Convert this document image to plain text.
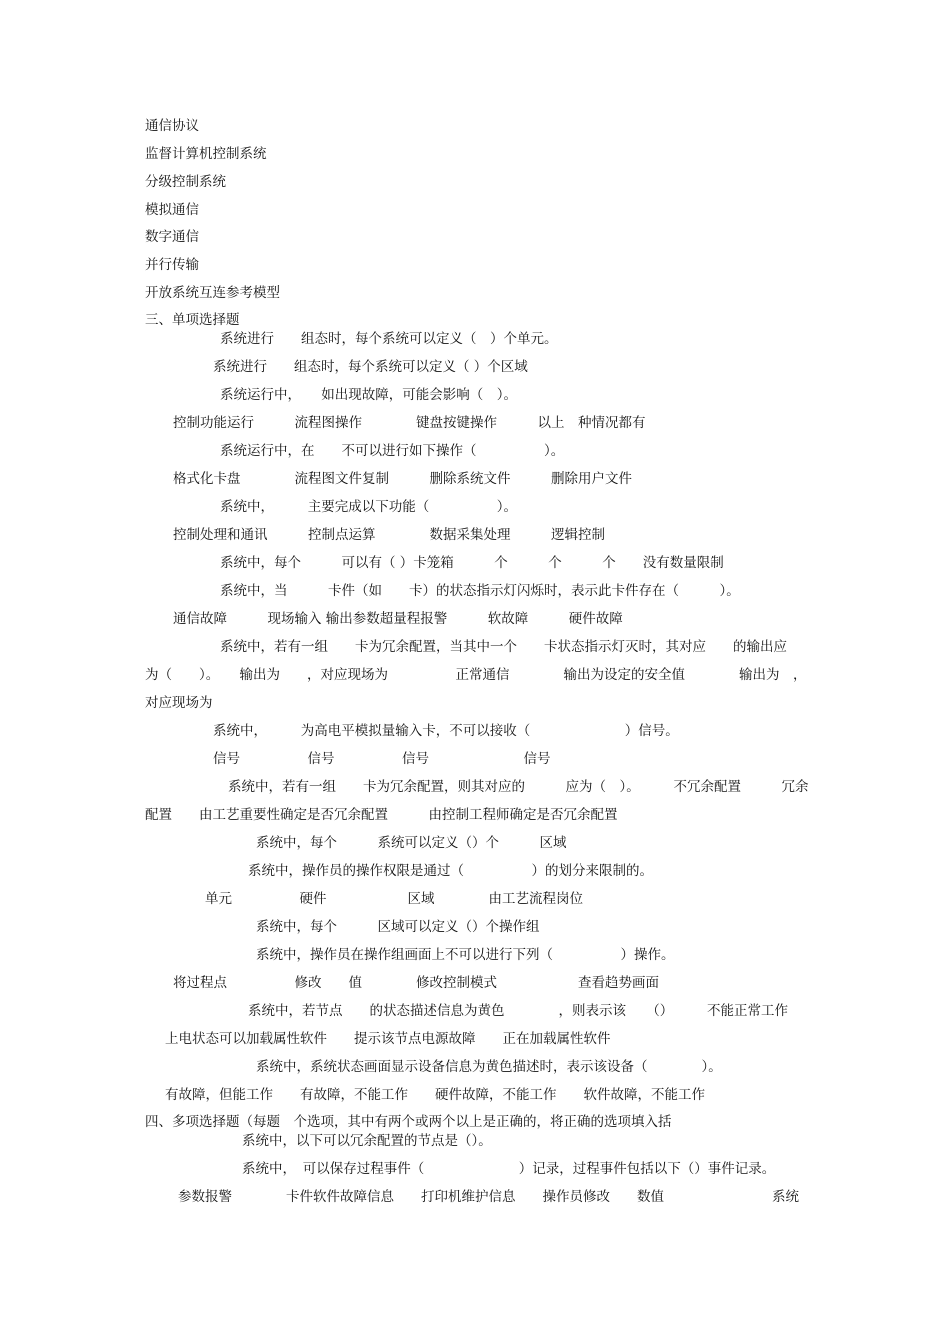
通信协议

监督计算机控制系统

分级控制系统

模拟通信

数字通信

并行传输

开放系统互连参考模型

三、单项选择题

系统进行　　组态时，每个系统可以定义（　）个单元。

系统进行　　组态时，每个系统可以定义（ ）个区域

系统运行中，　　如出现故障，可能会影响（　）。

控制功能运行　　　流程图操作　　　　键盘按键操作　　　以上　种情况都有

系统运行中，在　　不可以进行如下操作（　　　　　）。

格式化卡盘　　　　流程图文件复制　　　删除系统文件　　　删除用户文件

系统中，　　　主要完成以下功能（　　　　　）。

控制处理和通讯　　　控制点运算　　　　数据采集处理　　　逻辑控制

系统中，每个　　　可以有（ ）卡笼箱　　　个　　　个　　　个　　没有数量限制

系统中，当　　　卡件（如　　卡）的状态指示灯闪烁时，表示此卡件存在（　　　）。

通信故障　　　现场输入 输出参数超量程报警　　　软故障　　　硬件故障

系统中，若有一组　　卡为冗余配置，当其中一个　　卡状态指示灯灭时，其对应　　的输出应

为（　　）。　　输出为　　，对应现场为　　　　　正常通信　　　　输出为设定的安全值　　　　输出为　，

对应现场为

系统中，　　　为高电平模拟量输入卡，不可以接收（　　　　　　　）信号。

信号　　　　　信号　　　　　信号　　　　　　　信号

系统中，若有一组　　卡为冗余配置，则其对应的　　　应为（　）。　　　不冗余配置　　　冗余

配置　　由工艺重要性确定是否冗余配置　　　由控制工程师确定是否冗余配置

系统中，每个　　　系统可以定义（）个　　　区域

系统中，操作员的操作权限是通过（　　　　　）的划分来限制的。

单元　　　　　硬件　　　　　　区域　　　　由工艺流程岗位

系统中，每个　　　区域可以定义（）个操作组

系统中，操作员在操作组画面上不可以进行下列（　　　　　）操作。

将过程点　　　　　修改　　值　　　　修改控制模式　　　　　　查看趋势画面

系统中，若节点　　的状态描述信息为黄色　　　　，则表示该　　（）　　　不能正常工作

上电状态可以加载属性软件　　提示该节点电源故障　　正在加载属性软件

系统中，系统状态画面显示设备信息为黄色描述时，表示该设备（　　　　）。

有故障，但能工作　　有故障，不能工作　　硬件故障，不能工作　　软件故障，不能工作

四、多项选择题（每题　个选项，其中有两个或两个以上是正确的，将正确的选项填入括

系统中，以下可以冗余配置的节点是（）。

系统中，　可以保存过程事件（　　　　　　　）记录，过程事件包括以下（）事件记录。

参数报警　　　　卡件软件故障信息　　打印机维护信息　　操作员修改　　数值　　　　　　　　系统
